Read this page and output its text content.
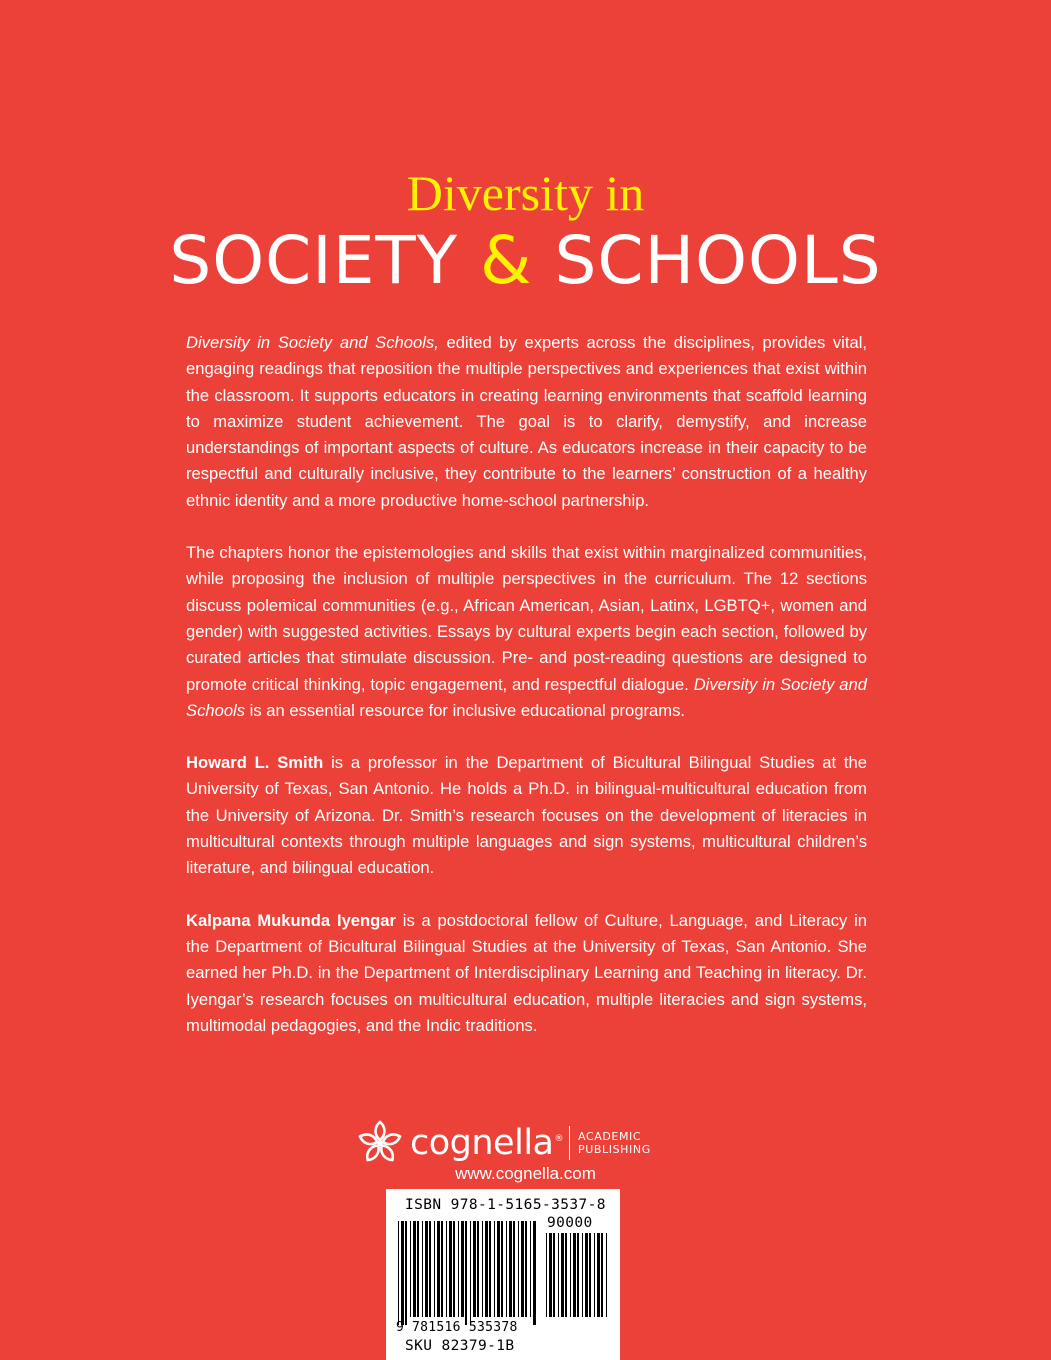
Diversity in
SOCIETY & SCHOOLS

Diversity in Society and Schools, edited by experts across the disciplines, provides vital, engaging readings that reposition the multiple perspectives and experiences that exist within the classroom. It supports educators in creating learning environments that scaffold learning to maximize student achievement. The goal is to clarify, demystify, and increase understandings of important aspects of culture. As educators increase in their capacity to be respectful and culturally inclusive, they contribute to the learners’ construction of a healthy ethnic identity and a more productive home-school partnership.

The chapters honor the epistemologies and skills that exist within marginalized communities, while proposing the inclusion of multiple perspectives in the curriculum. The 12 sections discuss polemical communities (e.g., African American, Asian, Latinx, LGBTQ+, women and gender) with suggested activities. Essays by cultural experts begin each section, followed by curated articles that stimulate discussion. Pre- and post-reading questions are designed to promote critical thinking, topic engagement, and respectful dialogue. Diversity in Society and Schools is an essential resource for inclusive educational programs.

Howard L. Smith is a professor in the Department of Bicultural Bilingual Studies at the University of Texas, San Antonio. He holds a Ph.D. in bilingual-multicultural education from the University of Arizona. Dr. Smith’s research focuses on the development of literacies in multicultural contexts through multiple languages and sign systems, multicultural children’s literature, and bilingual education.

Kalpana Mukunda Iyengar is a postdoctoral fellow of Culture, Language, and Literacy in the Department of Bicultural Bilingual Studies at the University of Texas, San Antonio. She earned her Ph.D. in the Department of Interdisciplinary Learning and Teaching in literacy. Dr. Iyengar’s research focuses on multicultural education, multiple literacies and sign systems, multimodal pedagogies, and the Indic traditions.

cognella® ACADEMIC
PUBLISHING
www.cognella.com
ISBN 978-1-5165-3537-8
90000
9 781516 535378
SKU 82379-1B
